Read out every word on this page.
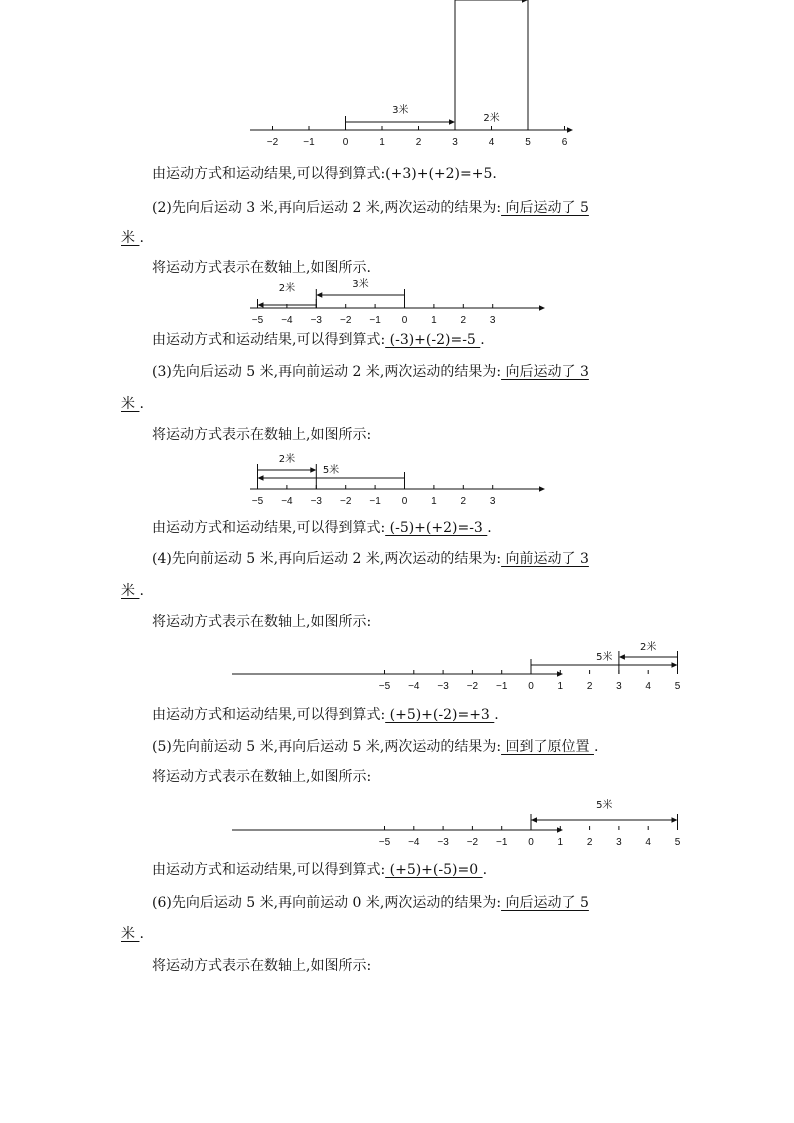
−2	−1	0	1	2	3	4	5	6
3米
2米
由运动方式和运动结果,可以得到算式:(+3)+(+2)=+5.
(2)先向后运动 3 米,再向后运动 2 米,两次运动的结果为: 向后运动了 5
米 .
将运动方式表示在数轴上,如图所示.
−5 −4 −3 −2 −1 0 1 2 3
3米
2米
由运动方式和运动结果,可以得到算式: (-3)+(-2)=-5 .
(3)先向后运动 5 米,再向前运动 2 米,两次运动的结果为: 向后运动了 3
米 .
将运动方式表示在数轴上,如图所示:
−5 −4 −3 −2 −1 0 1 2 3
5米
2米
由运动方式和运动结果,可以得到算式: (-5)+(+2)=-3 .
(4)先向前运动 5 米,再向后运动 2 米,两次运动的结果为: 向前运动了 3
米 .
将运动方式表示在数轴上,如图所示:
−5 −4 −3 −2 −1 0 1 2 3 4 5
5米
2米
由运动方式和运动结果,可以得到算式: (+5)+(-2)=+3 .
(5)先向前运动 5 米,再向后运动 5 米,两次运动的结果为: 回到了原位置 .
将运动方式表示在数轴上,如图所示:
−5 −4 −3 −2 −1 0 1 2 3 4 5
5米
由运动方式和运动结果,可以得到算式: (+5)+(-5)=0 .
(6)先向后运动 5 米,再向前运动 0 米,两次运动的结果为: 向后运动了 5
米 .
将运动方式表示在数轴上,如图所示:
